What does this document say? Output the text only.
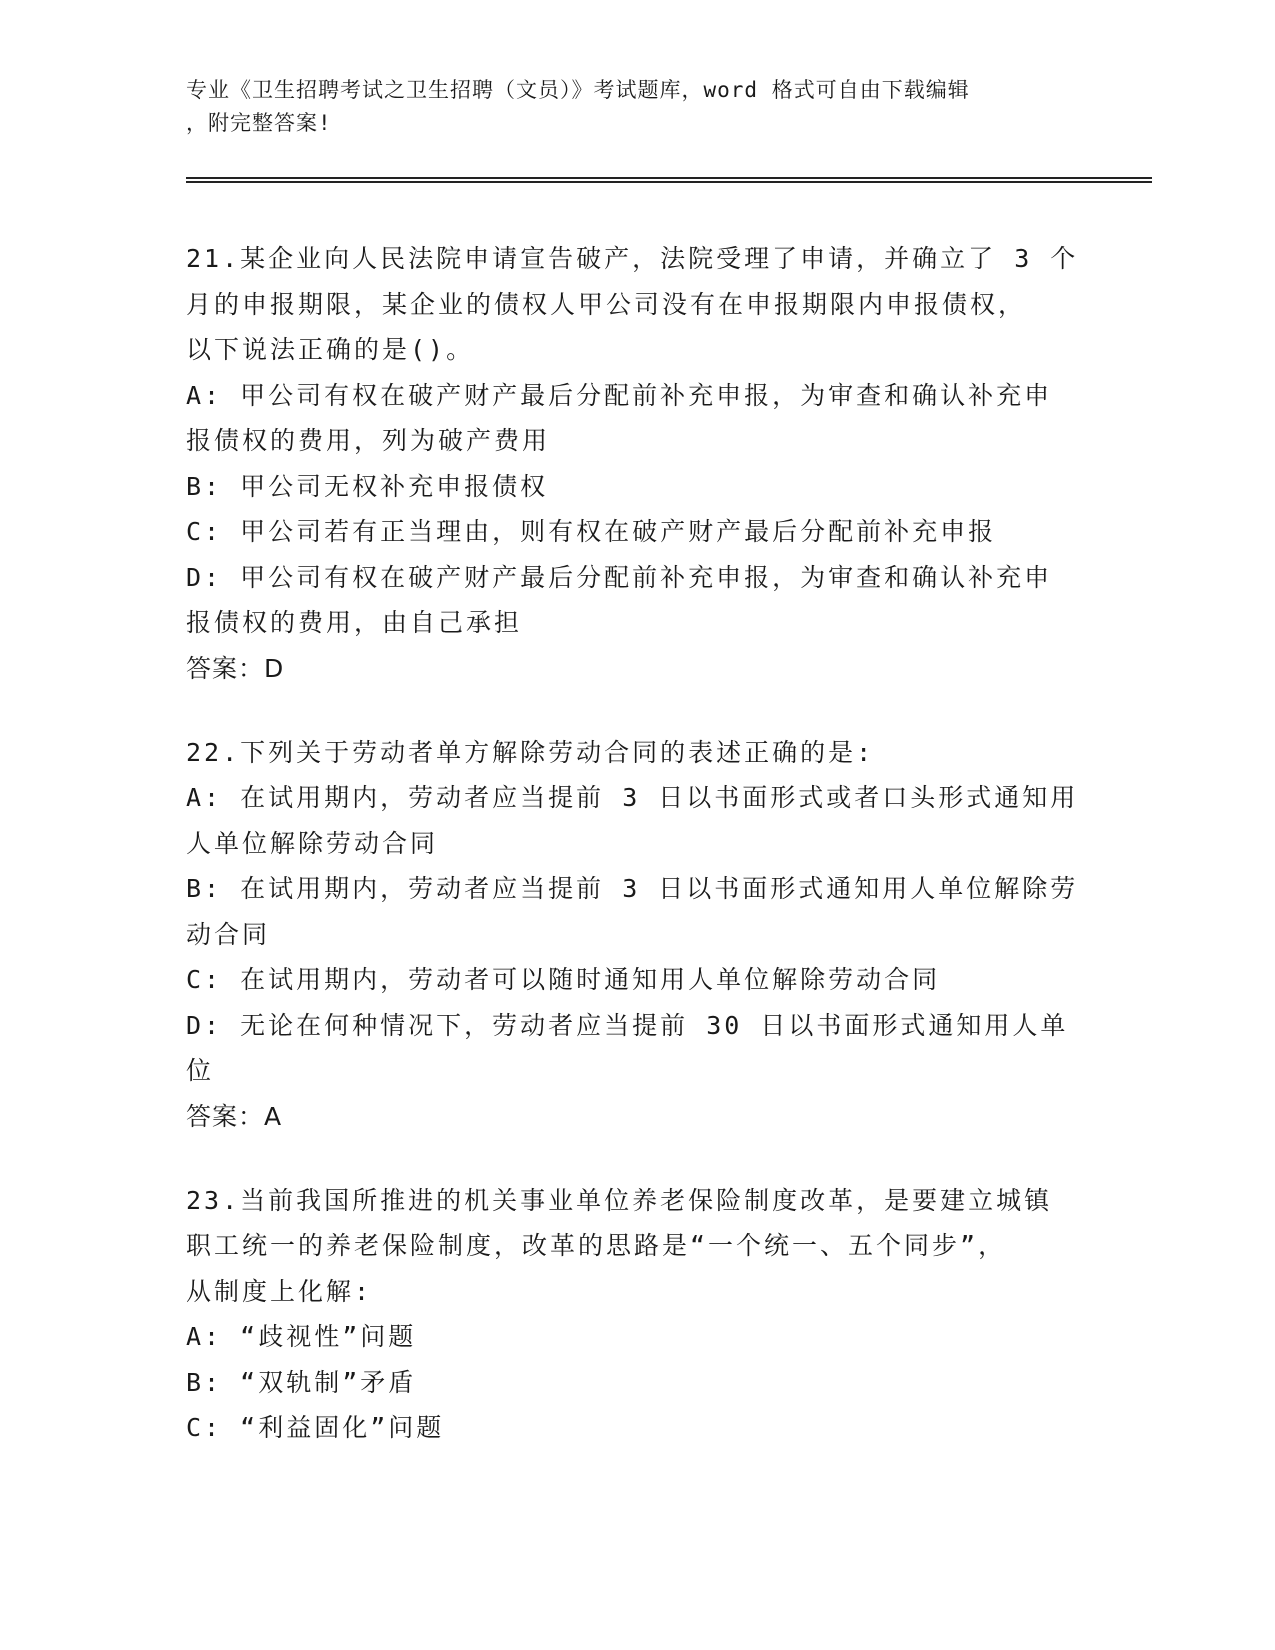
专业《卫生招聘考试之卫生招聘（文员）》考试题库，word 格式可自由下载编辑
，附完整答案!
21.某企业向人民法院申请宣告破产，法院受理了申请，并确立了 3 个
月的申报期限，某企业的债权人甲公司没有在申报期限内申报债权，
以下说法正确的是()。
A: 甲公司有权在破产财产最后分配前补充申报，为审查和确认补充申
报债权的费用，列为破产费用
B: 甲公司无权补充申报债权
C: 甲公司若有正当理由，则有权在破产财产最后分配前补充申报
D: 甲公司有权在破产财产最后分配前补充申报，为审查和确认补充申
报债权的费用，由自己承担
答案：D
22.下列关于劳动者单方解除劳动合同的表述正确的是:
A: 在试用期内，劳动者应当提前 3 日以书面形式或者口头形式通知用
人单位解除劳动合同
B: 在试用期内，劳动者应当提前 3 日以书面形式通知用人单位解除劳
动合同
C: 在试用期内，劳动者可以随时通知用人单位解除劳动合同
D: 无论在何种情况下，劳动者应当提前 30 日以书面形式通知用人单
位
答案：A
23.当前我国所推进的机关事业单位养老保险制度改革，是要建立城镇
职工统一的养老保险制度，改革的思路是“一个统一、五个同步”，
从制度上化解:
A: “歧视性”问题
B: “双轨制”矛盾
C: “利益固化”问题
